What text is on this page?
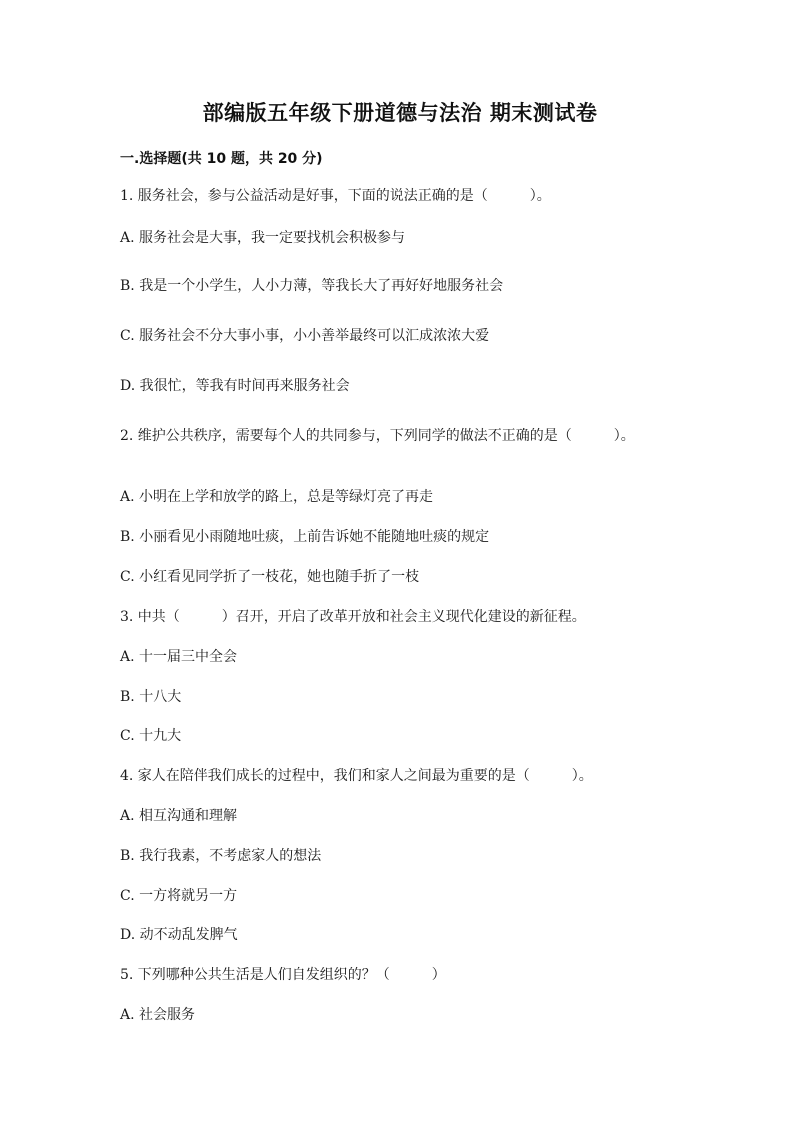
部编版五年级下册道德与法治 期末测试卷
一.选择题(共 10 题，共 20 分)
1. 服务社会，参与公益活动是好事，下面的说法正确的是（　　　）。
A. 服务社会是大事，我一定要找机会积极参与
B. 我是一个小学生，人小力薄，等我长大了再好好地服务社会
C. 服务社会不分大事小事，小小善举最终可以汇成浓浓大爱
D. 我很忙，等我有时间再来服务社会
2. 维护公共秩序，需要每个人的共同参与，下列同学的做法不正确的是（　　　）。
A. 小明在上学和放学的路上，总是等绿灯亮了再走
B. 小丽看见小雨随地吐痰，上前告诉她不能随地吐痰的规定
C. 小红看见同学折了一枝花，她也随手折了一枝
3. 中共（　　　）召开，开启了改革开放和社会主义现代化建设的新征程。
A. 十一届三中全会
B. 十八大
C. 十九大
4. 家人在陪伴我们成长的过程中，我们和家人之间最为重要的是（　　　）。
A. 相互沟通和理解
B. 我行我素，不考虑家人的想法
C. 一方将就另一方
D. 动不动乱发脾气
5. 下列哪种公共生活是人们自发组织的？（　　　）
A. 社会服务
